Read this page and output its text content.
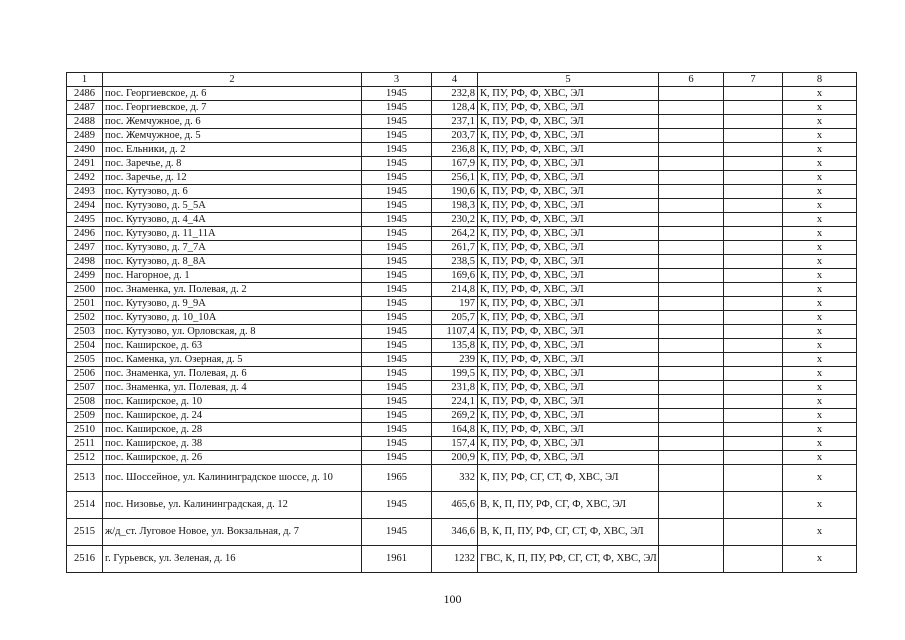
1	2	3	4	5	6	7	8
2486	пос. Георгиевское, д. 6	1945	232,8	К, ПУ, РФ, Ф, ХВС, ЭЛ			х
2487	пос. Георгиевское, д. 7	1945	128,4	К, ПУ, РФ, Ф, ХВС, ЭЛ			х
2488	пос. Жемчужное, д. 6	1945	237,1	К, ПУ, РФ, Ф, ХВС, ЭЛ			х
2489	пос. Жемчужное, д. 5	1945	203,7	К, ПУ, РФ, Ф, ХВС, ЭЛ			х
2490	пос. Ельники, д. 2	1945	236,8	К, ПУ, РФ, Ф, ХВС, ЭЛ			х
2491	пос. Заречье, д. 8	1945	167,9	К, ПУ, РФ, Ф, ХВС, ЭЛ			х
2492	пос. Заречье, д. 12	1945	256,1	К, ПУ, РФ, Ф, ХВС, ЭЛ			х
2493	пос. Кутузово, д. 6	1945	190,6	К, ПУ, РФ, Ф, ХВС, ЭЛ			х
2494	пос. Кутузово, д. 5_5А	1945	198,3	К, ПУ, РФ, Ф, ХВС, ЭЛ			х
2495	пос. Кутузово, д. 4_4А	1945	230,2	К, ПУ, РФ, Ф, ХВС, ЭЛ			х
2496	пос. Кутузово, д. 11_11А	1945	264,2	К, ПУ, РФ, Ф, ХВС, ЭЛ			х
2497	пос. Кутузово, д. 7_7А	1945	261,7	К, ПУ, РФ, Ф, ХВС, ЭЛ			х
2498	пос. Кутузово, д. 8_8А	1945	238,5	К, ПУ, РФ, Ф, ХВС, ЭЛ			х
2499	пос. Нагорное, д. 1	1945	169,6	К, ПУ, РФ, Ф, ХВС, ЭЛ			х
2500	пос. Знаменка, ул. Полевая, д. 2	1945	214,8	К, ПУ, РФ, Ф, ХВС, ЭЛ			х
2501	пос. Кутузово, д. 9_9А	1945	197	К, ПУ, РФ, Ф, ХВС, ЭЛ			х
2502	пос. Кутузово, д. 10_10А	1945	205,7	К, ПУ, РФ, Ф, ХВС, ЭЛ			х
2503	пос. Кутузово, ул. Орловская, д. 8	1945	1107,4	К, ПУ, РФ, Ф, ХВС, ЭЛ			х
2504	пос. Каширское, д. 63	1945	135,8	К, ПУ, РФ, Ф, ХВС, ЭЛ			х
2505	пос. Каменка, ул. Озерная, д. 5	1945	239	К, ПУ, РФ, Ф, ХВС, ЭЛ			х
2506	пос. Знаменка, ул. Полевая, д. 6	1945	199,5	К, ПУ, РФ, Ф, ХВС, ЭЛ			х
2507	пос. Знаменка, ул. Полевая, д. 4	1945	231,8	К, ПУ, РФ, Ф, ХВС, ЭЛ			х
2508	пос. Каширское, д. 10	1945	224,1	К, ПУ, РФ, Ф, ХВС, ЭЛ			х
2509	пос. Каширское, д. 24	1945	269,2	К, ПУ, РФ, Ф, ХВС, ЭЛ			х
2510	пос. Каширское, д. 28	1945	164,8	К, ПУ, РФ, Ф, ХВС, ЭЛ			х
2511	пос. Каширское, д. 38	1945	157,4	К, ПУ, РФ, Ф, ХВС, ЭЛ			х
2512	пос. Каширское, д. 26	1945	200,9	К, ПУ, РФ, Ф, ХВС, ЭЛ			х
2513	пос. Шоссейное, ул. Калининградское шоссе, д. 10	1965	332	К, ПУ, РФ, СГ, СТ, Ф, ХВС, ЭЛ			х
2514	пос. Низовье, ул. Калининградская, д. 12	1945	465,6	В, К, П, ПУ, РФ, СГ, Ф, ХВС, ЭЛ			х
2515	ж/д_ст. Луговое Новое, ул. Вокзальная, д. 7	1945	346,6	В, К, П, ПУ, РФ, СГ, СТ, Ф, ХВС, ЭЛ			х
2516	г. Гурьевск, ул. Зеленая, д. 16	1961	1232	ГВС, К, П, ПУ, РФ, СГ, СТ, Ф, ХВС, ЭЛ			х
100
